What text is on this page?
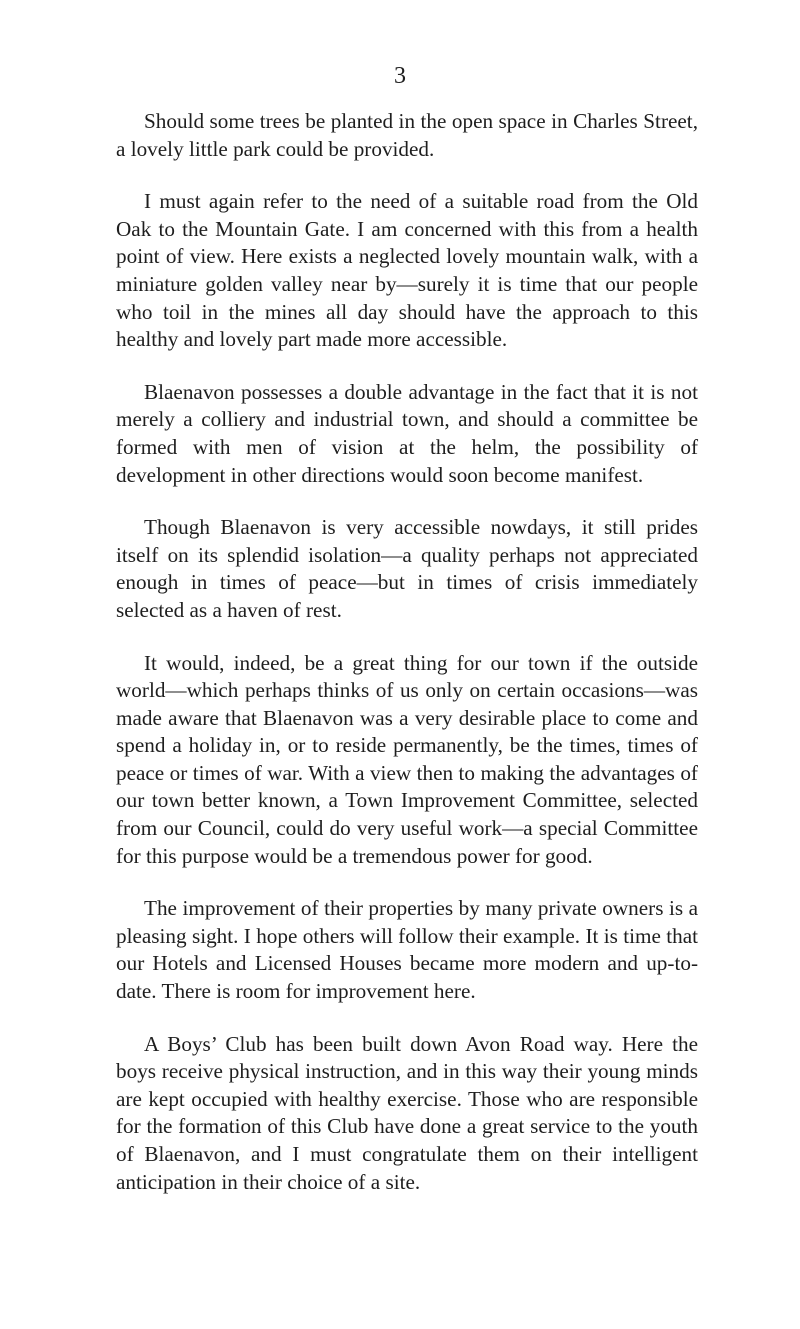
3

Should some trees be planted in the open space in Charles Street, a lovely little park could be provided.

I must again refer to the need of a suitable road from the Old Oak to the Mountain Gate. I am concerned with this from a health point of view. Here exists a neglected lovely mountain walk, with a miniature golden valley near by—surely it is time that our people who toil in the mines all day should have the approach to this healthy and lovely part made more accessible.

Blaenavon possesses a double advantage in the fact that it is not merely a colliery and industrial town, and should a committee be formed with men of vision at the helm, the possibility of development in other directions would soon become manifest.

Though Blaenavon is very accessible nowdays, it still prides itself on its splendid isolation—a quality perhaps not appreciated enough in times of peace—but in times of crisis immediately selected as a haven of rest.

It would, indeed, be a great thing for our town if the outside world—which perhaps thinks of us only on certain occasions—was made aware that Blaenavon was a very desirable place to come and spend a holiday in, or to reside permanently, be the times, times of peace or times of war. With a view then to making the advantages of our town better known, a Town Improvement Committee, selected from our Council, could do very useful work—a special Committee for this purpose would be a tremendous power for good.

The improvement of their properties by many private owners is a pleasing sight. I hope others will follow their example. It is time that our Hotels and Licensed Houses became more modern and up-to-date. There is room for improvement here.

A Boys’ Club has been built down Avon Road way. Here the boys receive physical instruction, and in this way their young minds are kept occupied with healthy exercise. Those who are responsible for the formation of this Club have done a great service to the youth of Blaenavon, and I must congratulate them on their intelligent anticipation in their choice of a site.
